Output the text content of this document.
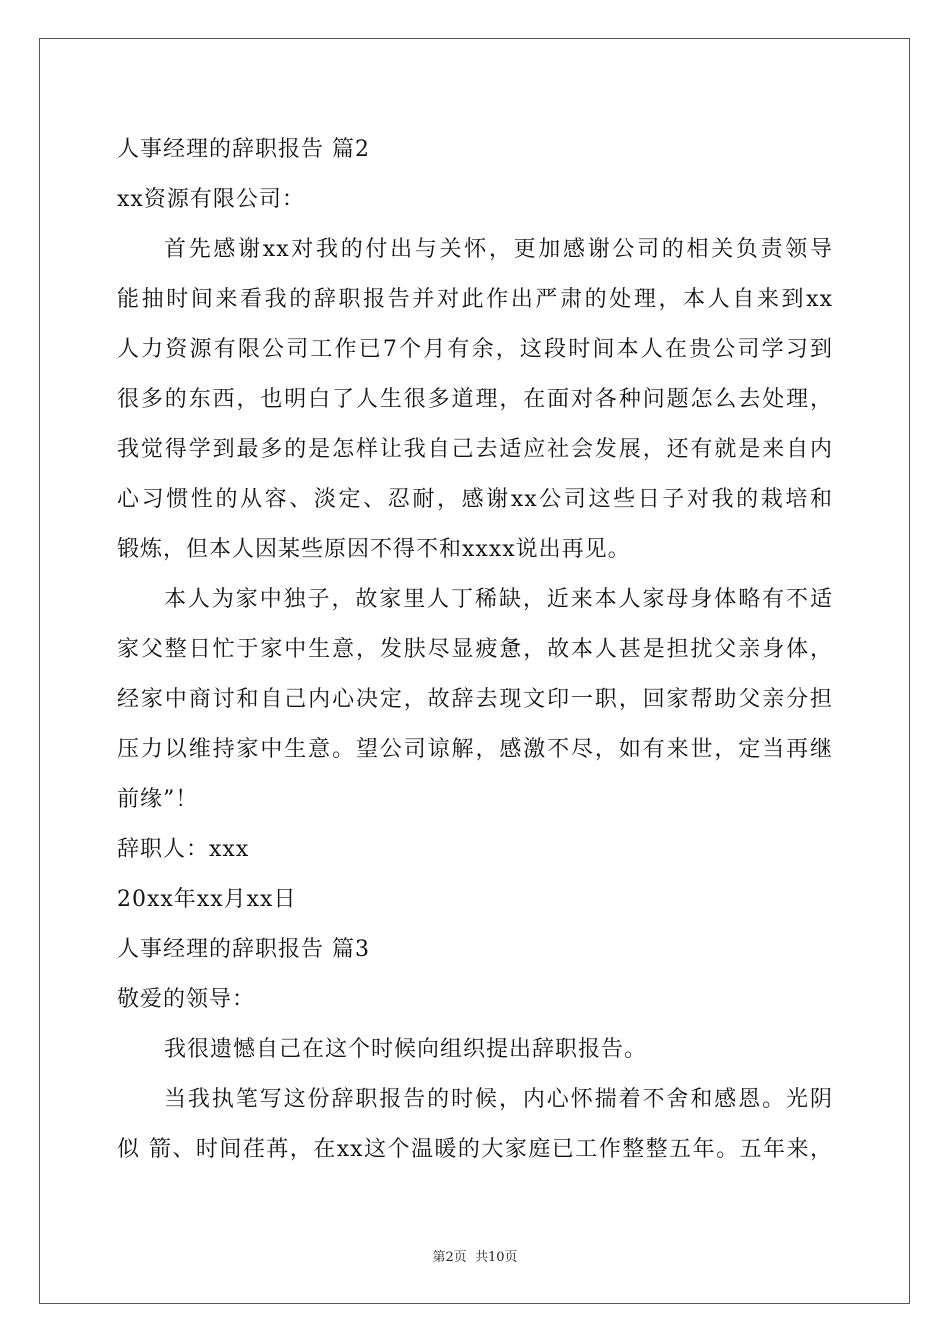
人事经理的辞职报告 篇2
xx资源有限公司：
首先感谢xx对我的付出与关怀，更加感谢公司的相关负责领导
能抽时间来看我的辞职报告并对此作出严肃的处理，本人自来到xx
人力资源有限公司工作已7个月有余，这段时间本人在贵公司学习到
很多的东西，也明白了人生很多道理，在面对各种问题怎么去处理，
我觉得学到最多的是怎样让我自己去适应社会发展，还有就是来自内
心习惯性的从容、淡定、忍耐，感谢xx公司这些日子对我的栽培和
锻炼，但本人因某些原因不得不和xxxx说出再见。
本人为家中独子，故家里人丁稀缺，近来本人家母身体略有不适
家父整日忙于家中生意，发肤尽显疲惫，故本人甚是担扰父亲身体，
经家中商讨和自己内心决定，故辞去现文印一职，回家帮助父亲分担
压力以维持家中生意。望公司谅解，感激不尽，如有来世，定当再继
前缘”！
辞职人：xxx
20xx年xx月xx日
人事经理的辞职报告 篇3
敬爱的领导：
我很遗憾自己在这个时候向组织提出辞职报告。
当我执笔写这份辞职报告的时候，内心怀揣着不舍和感恩。光阴
似 箭、时间荏苒，在xx这个温暖的大家庭已工作整整五年。五年来，
第2页 共10页
